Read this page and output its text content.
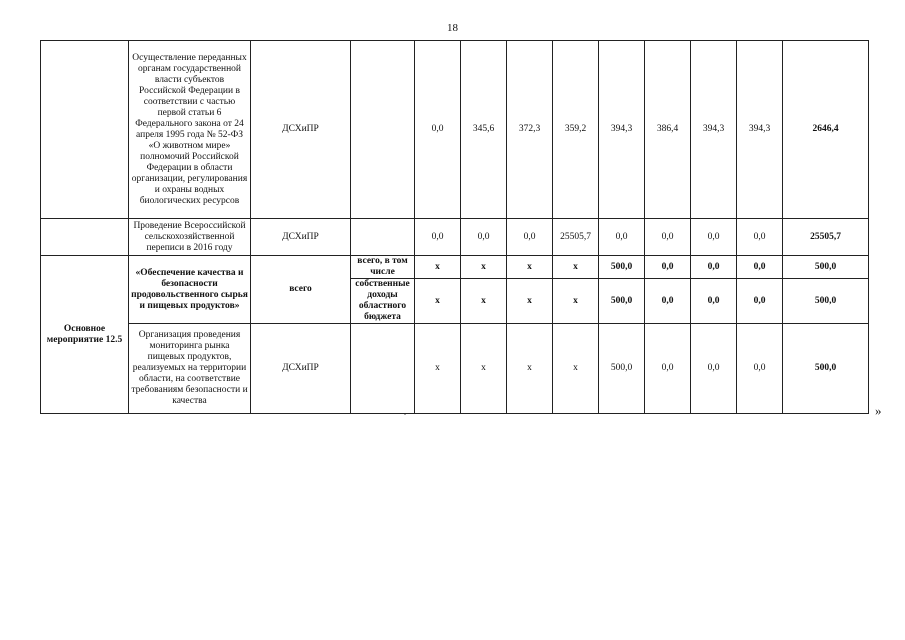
18
	Осуществление переданных органам государственной власти субъектов Российской Федерации в соответствии с частью первой статьи 6 Федерального закона от 24 апреля 1995 года № 52-ФЗ «О животном мире» полномочий Российской Федерации в области организации, регулирования и охраны водных биологических ресурсов	ДСХиПР		0,0	345,6	372,3	359,2	394,3	386,4	394,3	394,3	2646,4
	Проведение Всероссийской сельскохозяйственной переписи в 2016 году	ДСХиПР		0,0	0,0	0,0	25505,7	0,0	0,0	0,0	0,0	25505,7
Основное мероприятие 12.5	«Обеспечение качества и безопасности продовольственного сырья и пищевых продуктов»	всего	всего, в том числе	x	x	x	x	500,0	0,0	0,0	0,0	500,0
			собственные доходы областного бюджета	x	x	x	x	500,0	0,0	0,0	0,0	500,0
	Организация проведения мониторинга рынка пищевых продуктов, реализуемых на территории области, на соответствие требованиям безопасности и качества	ДСХиПР		x	x	x	x	500,0	0,0	0,0	0,0	500,0
.	»
